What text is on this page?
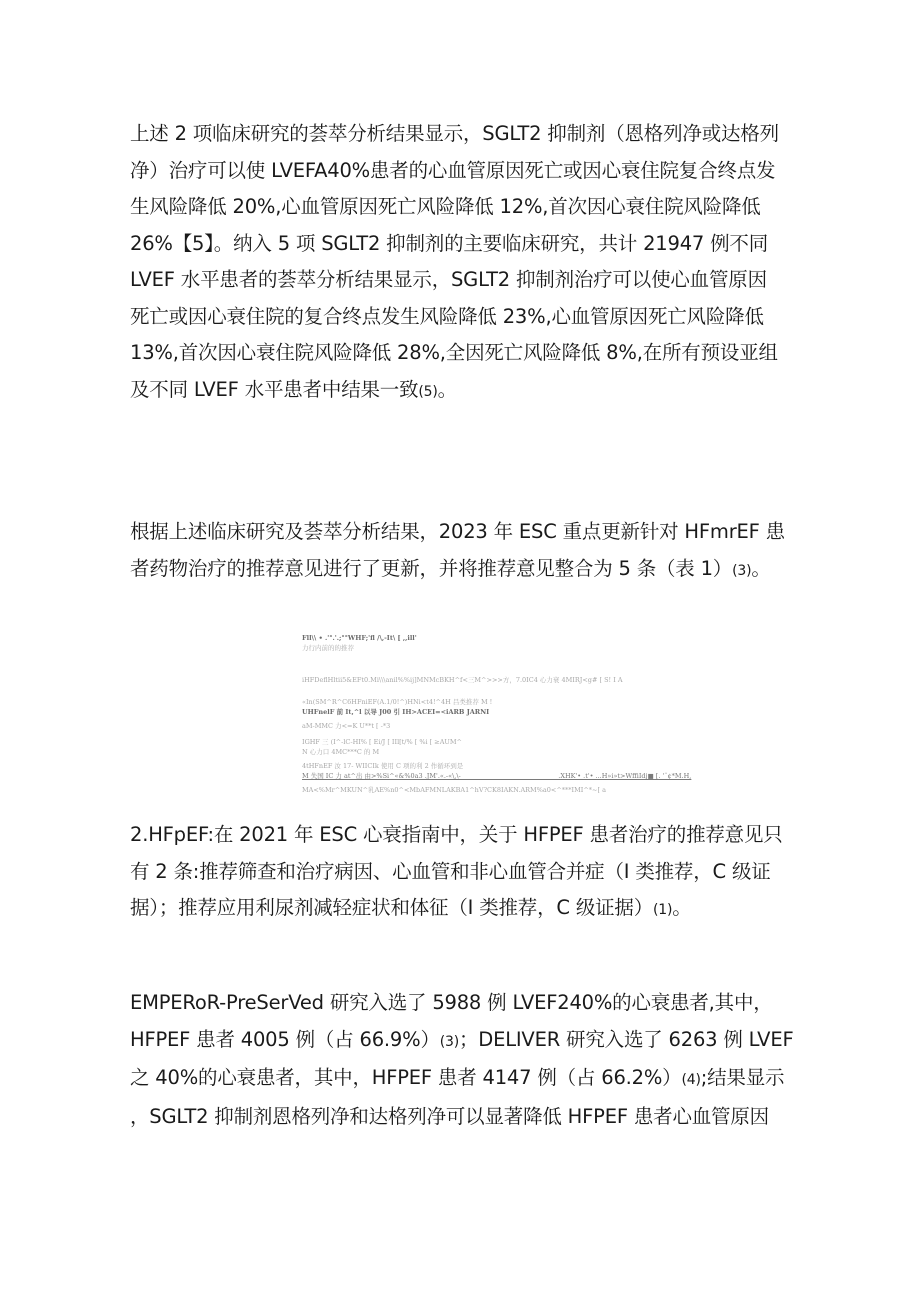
上述 2 项临床研究的荟萃分析结果显示，SGLT2 抑制剂（恩格列净或达格列
净）治疗可以使 LVEFA40%患者的心血管原因死亡或因心衰住院复合终点发
生风险降低 20%,心血管原因死亡风险降低 12%,首次因心衰住院风险降低
26%【5】。纳入 5 项 SGLT2 抑制剂的主要临床研究，共计 21947 例不同
LVEF 水平患者的荟萃分析结果显示，SGLT2 抑制剂治疗可以使心血管原因
死亡或因心衰住院的复合终点发生风险降低 23%,心血管原因死亡风险降低
13%,首次因心衰住院风险降低 28%,全因死亡风险降低 8%,在所有预设亚组
及不同 LVEF 水平患者中结果一致(5)。
根据上述临床研究及荟萃分析结果，2023 年 ESC 重点更新针对 HFmrEF 患
者药物治疗的推荐意见进行了更新，并将推荐意见整合为 5 条（表 1）(3)。
Fll\\ • .'°.'.;°°WHF;'fl /\,-It\ [ ,,ill'
力行内前的的推荐
iHFDeflHltii5&EFt0.Mi\\\anil%%ij]MNMcBKH^f<三M^>>>方，7.0IC4 心力衰 4MIRJ<g# [ S! I A
«In(SM^R^C6HFniEF(A.1/0!^)HNi<t4!^4H 吕类推荐 M !
UHFnelF 前 It,^l 以导 J00 引 IH>ACEI=<iARB JARNI
aM-MMC 力<=K U**t [ -*3
IGHF 三 (I^-lC-HI% [ Ei/J [ IIl[t/% [ %i [ ≥AUM^
N 心力口 4MC***C 的 M
4tHFnEF 汝 17- WIICIk 使用 C 项的利 2 作循环到是
M 失国 IC 力 at^出 由>%Si^«&%0a3 .JM'.«.-«\,\-______________________________.XHK'• .t'• ...H»i»t>WffiIdj■ [. '¨¢*M.H,
MA<%Mr^MKUN^乳AE%n0^<MbAFMNLAKBA1^hV?CK8IAKN.ARM%a0<^***IMI^*~[ a
2.HFpEF:在 2021 年 ESC 心衰指南中，关于 HFPEF 患者治疗的推荐意见只
有 2 条:推荐筛查和治疗病因、心血管和非心血管合并症（I 类推荐，C 级证
据）；推荐应用利尿剂减轻症状和体征（I 类推荐，C 级证据）(1)。
EMPERoR-PreSerVed 研究入选了 5988 例 LVEF240%的心衰患者,其中，
HFPEF 患者 4005 例（占 66.9%）(3)；DELIVER 研究入选了 6263 例 LVEF
之 40%的心衰患者，其中，HFPEF 患者 4147 例（占 66.2%）(4);结果显示
，SGLT2 抑制剂恩格列净和达格列净可以显著降低 HFPEF 患者心血管原因
